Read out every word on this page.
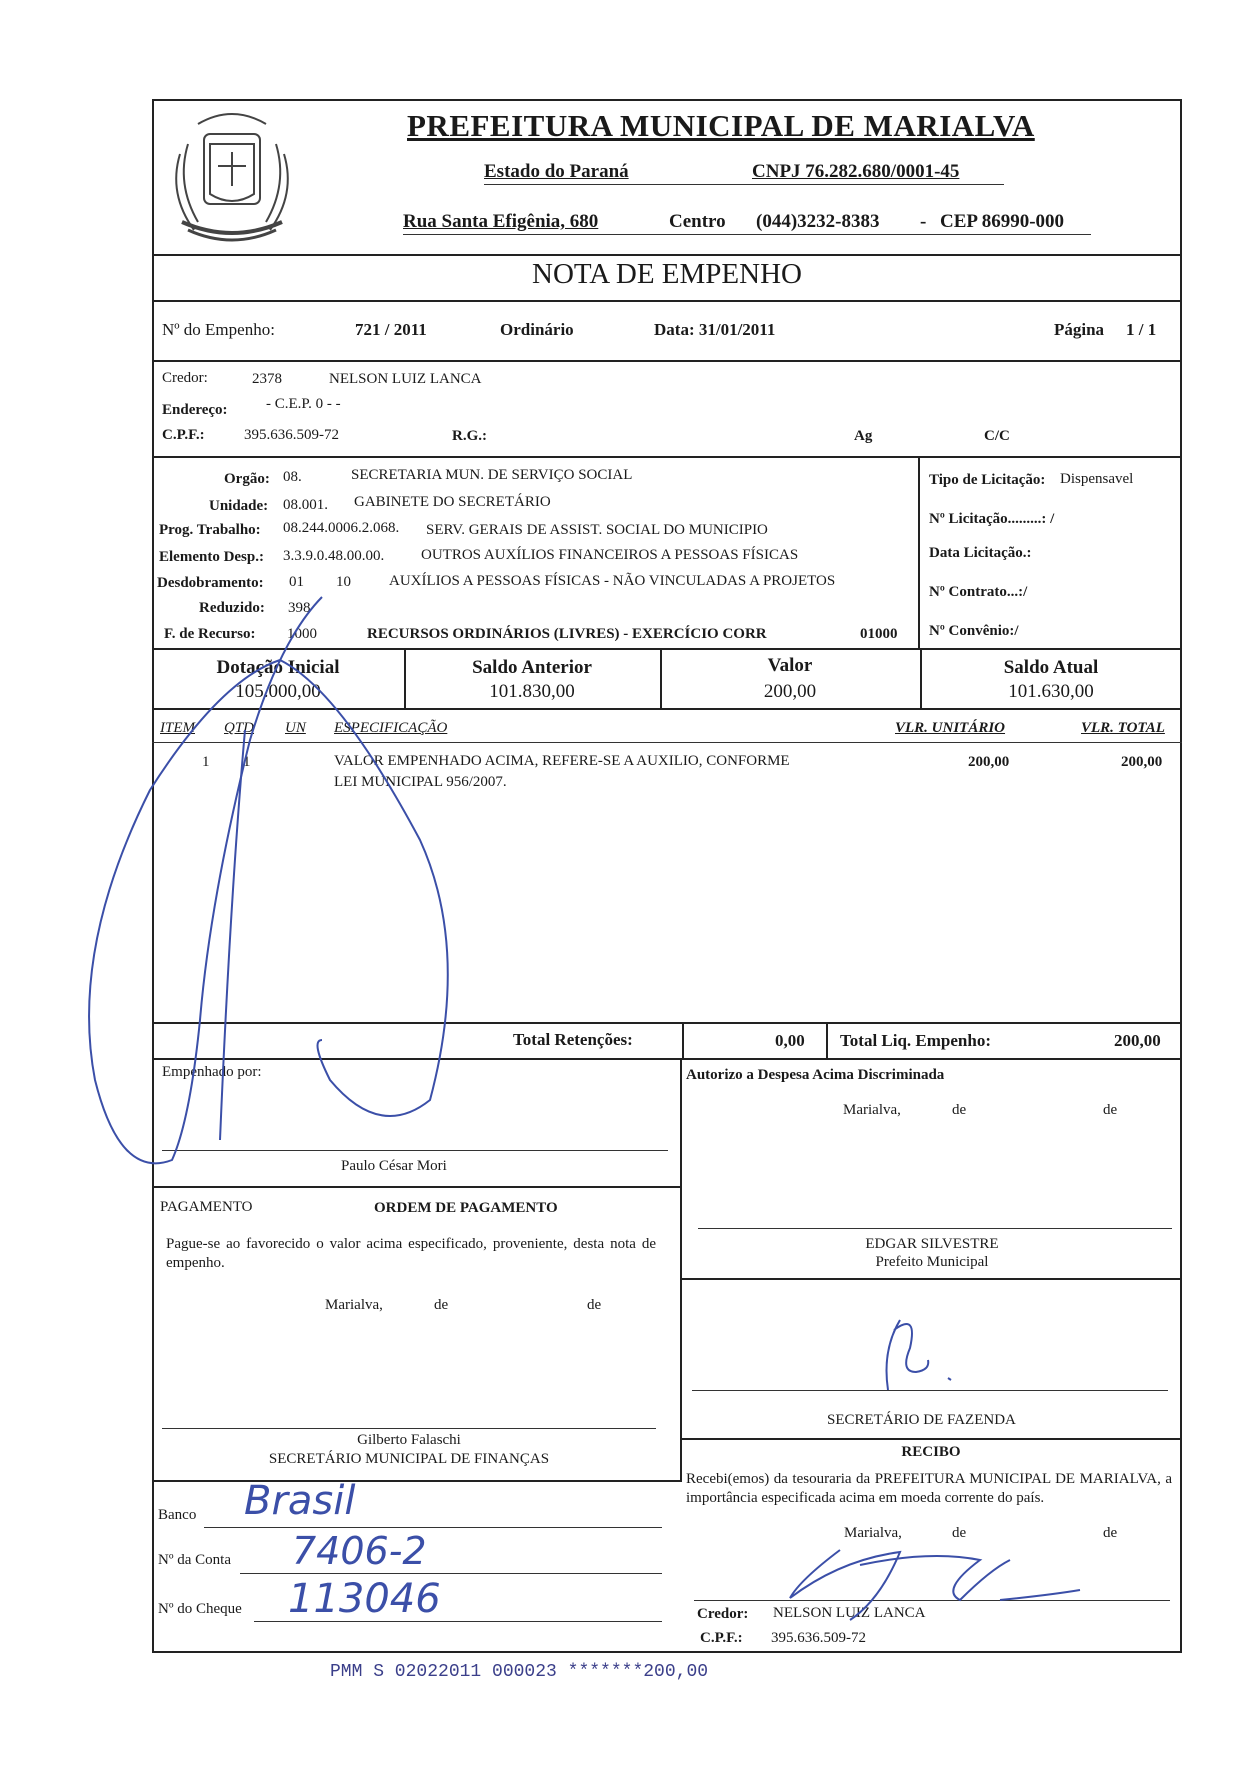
PREFEITURA MUNICIPAL DE MARIALVA
Estado do Paraná	CNPJ 76.282.680/0001-45
Rua Santa Efigênia, 680	Centro (044)3232-8383 - CEP 86990-000
NOTA DE EMPENHO
Nº do Empenho:	721 / 2011	Ordinário	Data: 31/01/2011	Página 1 / 1
Credor:	2378	NELSON LUIZ LANCA
Endereço:	- C.E.P. 0 - -
C.P.F.:	395.636.509-72	R.G.:	Ag	C/C
Orgão: 08.	SECRETARIA MUN. DE SERVIÇO SOCIAL
Unidade: 08.001. GABINETE DO SECRETÁRIO
Prog. Trabalho: 08.244.0006.2.068. SERV. GERAIS DE ASSIST. SOCIAL DO MUNICIPIO
Elemento Desp.: 3.3.9.0.48.00.00. OUTROS AUXÍLIOS FINANCEIROS A PESSOAS FÍSICAS
Desdobramento: 01 10	AUXÍLIOS A PESSOAS FÍSICAS - NÃO VINCULADAS A PROJETOS
Reduzido: 398
F. de Recurso: 1000	RECURSOS ORDINÁRIOS (LIVRES) - EXERCÍCIO CORR	01000
Tipo de Licitação: Dispensavel
Nº Licitação.........: /
Data Licitação.:
Nº Contrato...:/
Nº Convênio:/
Dotação Inicial
105.000,00
Saldo Anterior
101.830,00
Valor
200,00
Saldo Atual
101.630,00
ITEM QTD UN ESPECIFICAÇÃO	VLR. UNITÁRIO	VLR. TOTAL
1 1	VALOR EMPENHADO ACIMA, REFERE-SE A AUXILIO, CONFORME
LEI MUNICIPAL 956/2007.
200,00	200,00
Total Retenções:	0,00 Total Liq. Empenho:	200,00
Empenhado por:
Paulo César Mori
Autorizo a Despesa Acima Discriminada
Marialva,	de	de
EDGAR SILVESTRE
Prefeito Municipal
PAGAMENTO	ORDEM DE PAGAMENTO
Pague-se ao favorecido o valor acima especificado, proveniente, desta nota de empenho.
Marialva,	de	de
Gilberto Falaschi
SECRETÁRIO MUNICIPAL DE FINANÇAS
SECRETÁRIO DE FAZENDA
RECIBO
Recebi(emos) da tesouraria da PREFEITURA MUNICIPAL DE MARIALVA, a importância especificada acima em moeda corrente do país.
Marialva,	de	de
Credor: NELSON LUIZ LANCA
C.P.F.: 395.636.509-72
Banco Brasil
Nº da Conta 7406-2
Nº do Cheque 113046
PMM S 02022011 000023 *******200,00
